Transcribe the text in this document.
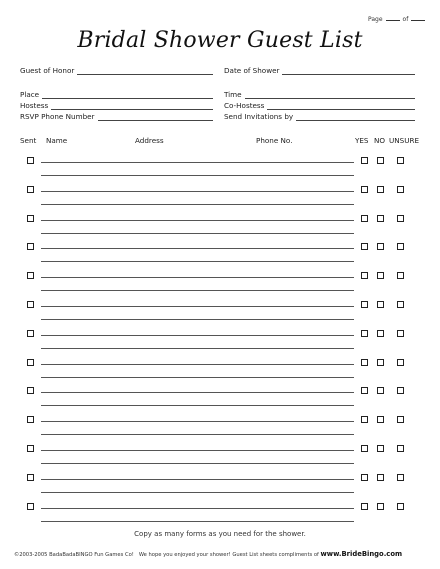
Page	of
Bridal Shower Guest List
Guest of Honor	Date of Shower
Place	Time
Hostess	Co-Hostess
RSVP Phone Number	Send Invitations by
Sent Name	Address	Phone No.	YES NO UNSURE
Copy as many forms as you need for the shower.
©2003-2005 BadaBadaBINGO Fun Games Co! We hope you enjoyed your shower! Guest List sheets compliments of www.BrideBingo.com
